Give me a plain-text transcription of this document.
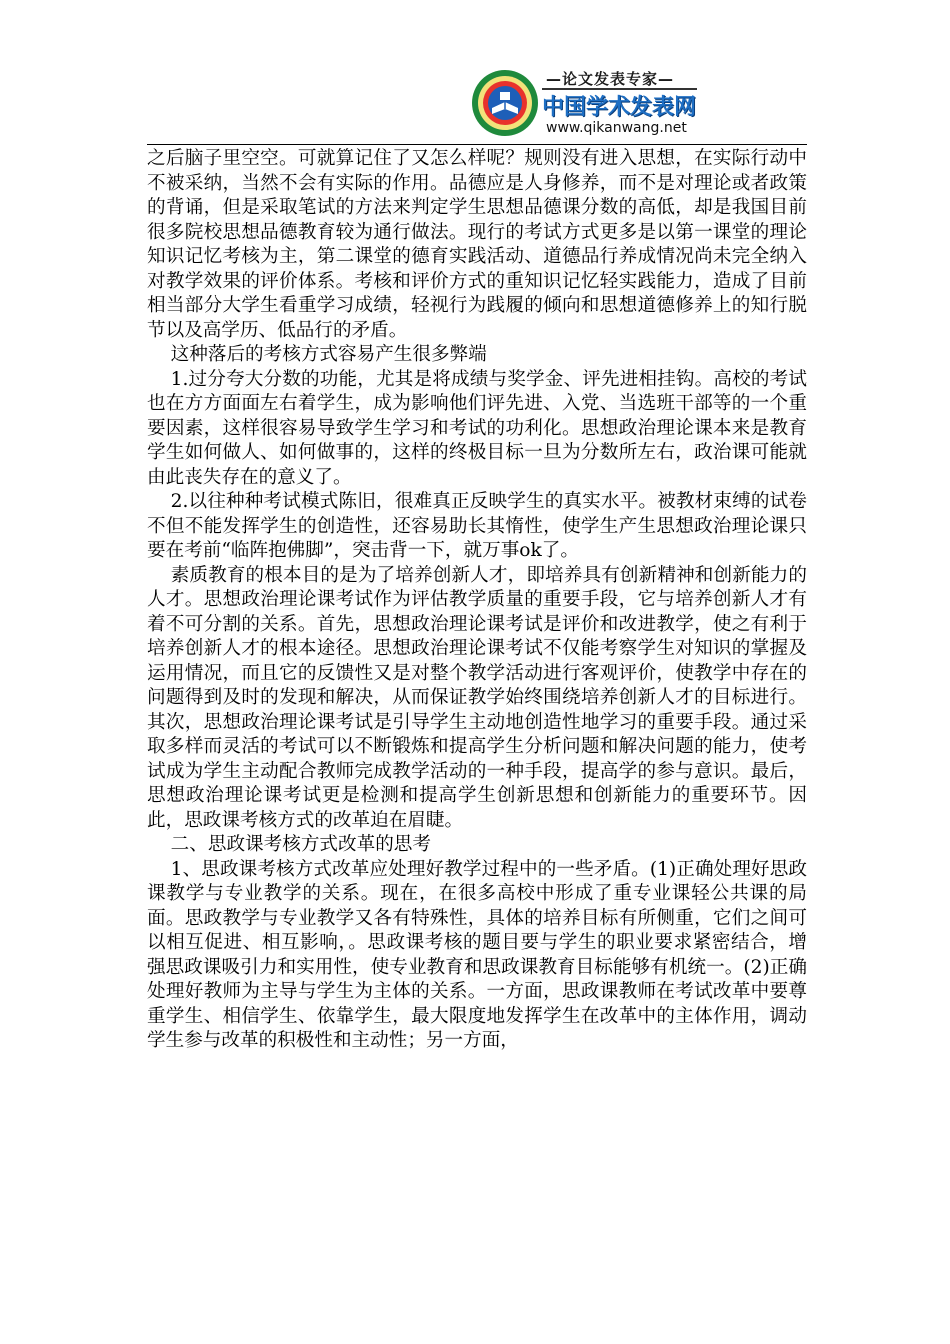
—论文发表专家—
中国学术发表网
www.qikanwang.net

之后脑子里空空。可就算记住了又怎么样呢？规则没有进入思想，在实际行动中不被采纳，当然不会有实际的作用。品德应是人身修养，而不是对理论或者政策的背诵，但是采取笔试的方法来判定学生思想品德课分数的高低，却是我国目前很多院校思想品德教育较为通行做法。现行的考试方式更多是以第一课堂的理论知识记忆考核为主，第二课堂的德育实践活动、道德品行养成情况尚未完全纳入对教学效果的评价体系。考核和评价方式的重知识记忆轻实践能力，造成了目前相当部分大学生看重学习成绩，轻视行为践履的倾向和思想道德修养上的知行脱节以及高学历、低品行的矛盾。

这种落后的考核方式容易产生很多弊端

1.过分夸大分数的功能，尤其是将成绩与奖学金、评先进相挂钩。高校的考试也在方方面面左右着学生，成为影响他们评先进、入党、当选班干部等的一个重要因素，这样很容易导致学生学习和考试的功利化。思想政治理论课本来是教育学生如何做人、如何做事的，这样的终极目标一旦为分数所左右，政治课可能就由此丧失存在的意义了。

2.以往种种考试模式陈旧，很难真正反映学生的真实水平。被教材束缚的试卷不但不能发挥学生的创造性，还容易助长其惰性，使学生产生思想政治理论课只要在考前“临阵抱佛脚”，突击背一下，就万事ok了。

素质教育的根本目的是为了培养创新人才，即培养具有创新精神和创新能力的人才。思想政治理论课考试作为评估教学质量的重要手段，它与培养创新人才有着不可分割的关系。首先，思想政治理论课考试是评价和改进教学，使之有利于培养创新人才的根本途径。思想政治理论课考试不仅能考察学生对知识的掌握及运用情况，而且它的反馈性又是对整个教学活动进行客观评价，使教学中存在的问题得到及时的发现和解决，从而保证教学始终围绕培养创新人才的目标进行。其次，思想政治理论课考试是引导学生主动地创造性地学习的重要手段。通过采取多样而灵活的考试可以不断锻炼和提高学生分析问题和解决问题的能力，使考试成为学生主动配合教师完成教学活动的一种手段，提高学的参与意识。最后，思想政治理论课考试更是检测和提高学生创新思想和创新能力的重要环节。因此，思政课考核方式的改革迫在眉睫。

二、思政课考核方式改革的思考

1、思政课考核方式改革应处理好教学过程中的一些矛盾。(1)正确处理好思政课教学与专业教学的关系。现在，在很多高校中形成了重专业课轻公共课的局面。思政教学与专业教学又各有特殊性，具体的培养目标有所侧重，它们之间可以相互促进、相互影响，。思政课考核的题目要与学生的职业要求紧密结合，增强思政课吸引力和实用性，使专业教育和思政课教育目标能够有机统一。(2)正确处理好教师为主导与学生为主体的关系。一方面，思政课教师在考试改革中要尊重学生、相信学生、依靠学生，最大限度地发挥学生在改革中的主体作用，调动学生参与改革的积极性和主动性；另一方面，
